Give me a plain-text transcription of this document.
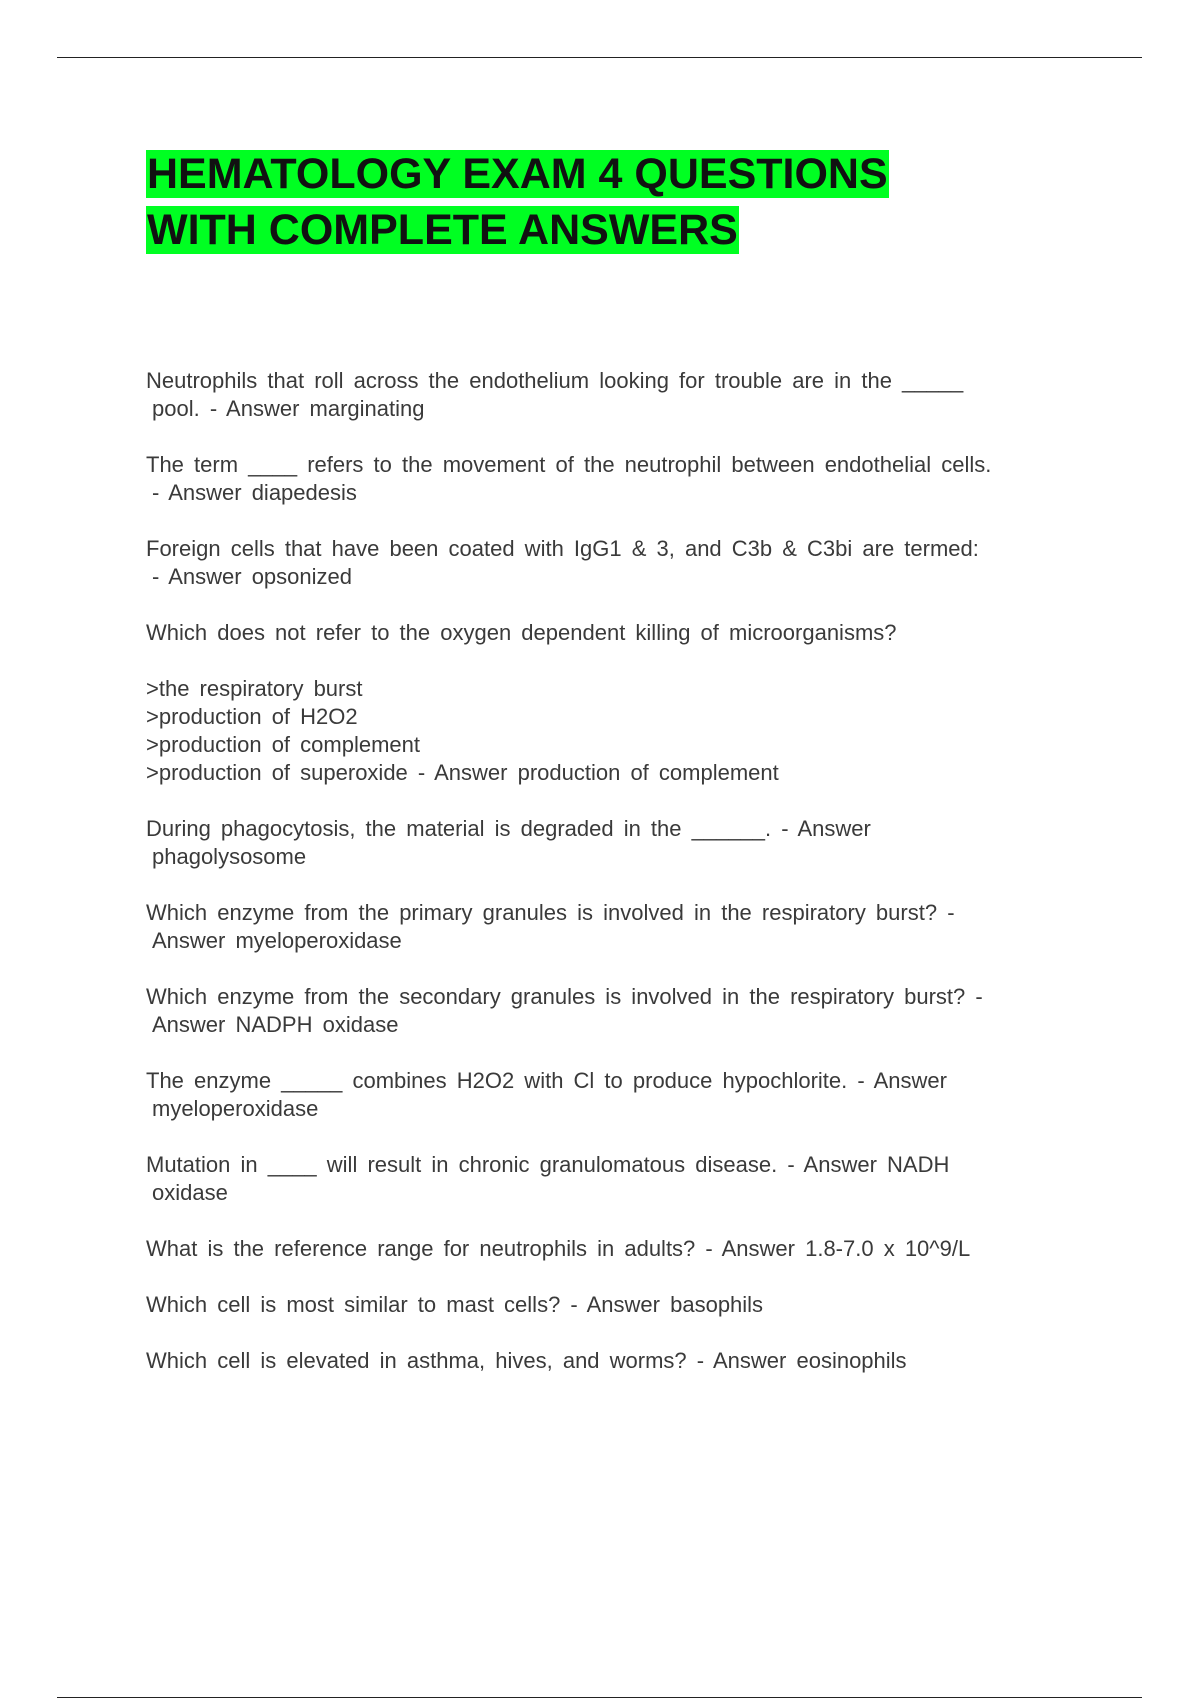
HEMATOLOGY EXAM 4 QUESTIONS
WITH COMPLETE ANSWERS

Neutrophils that roll across the endothelium looking for trouble are in the _____
pool. - Answer marginating

The term ____ refers to the movement of the neutrophil between endothelial cells.
- Answer diapedesis

Foreign cells that have been coated with IgG1 & 3, and C3b & C3bi are termed:
- Answer opsonized

Which does not refer to the oxygen dependent killing of microorganisms?

>the respiratory burst
>production of H2O2
>production of complement
>production of superoxide - Answer production of complement

During phagocytosis, the material is degraded in the ______. - Answer
phagolysosome

Which enzyme from the primary granules is involved in the respiratory burst? -
Answer myeloperoxidase

Which enzyme from the secondary granules is involved in the respiratory burst? -
Answer NADPH oxidase

The enzyme _____ combines H2O2 with Cl to produce hypochlorite. - Answer
myeloperoxidase

Mutation in ____ will result in chronic granulomatous disease. - Answer NADH
oxidase

What is the reference range for neutrophils in adults? - Answer 1.8-7.0 x 10^9/L

Which cell is most similar to mast cells? - Answer basophils

Which cell is elevated in asthma, hives, and worms? - Answer eosinophils
